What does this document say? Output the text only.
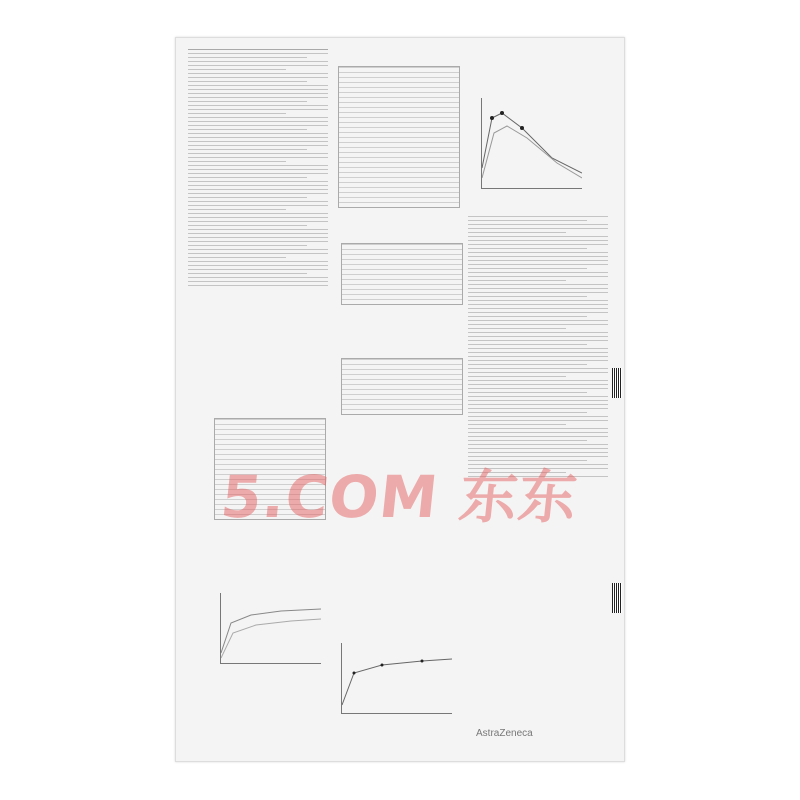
5.COM 东东
AstraZeneca
